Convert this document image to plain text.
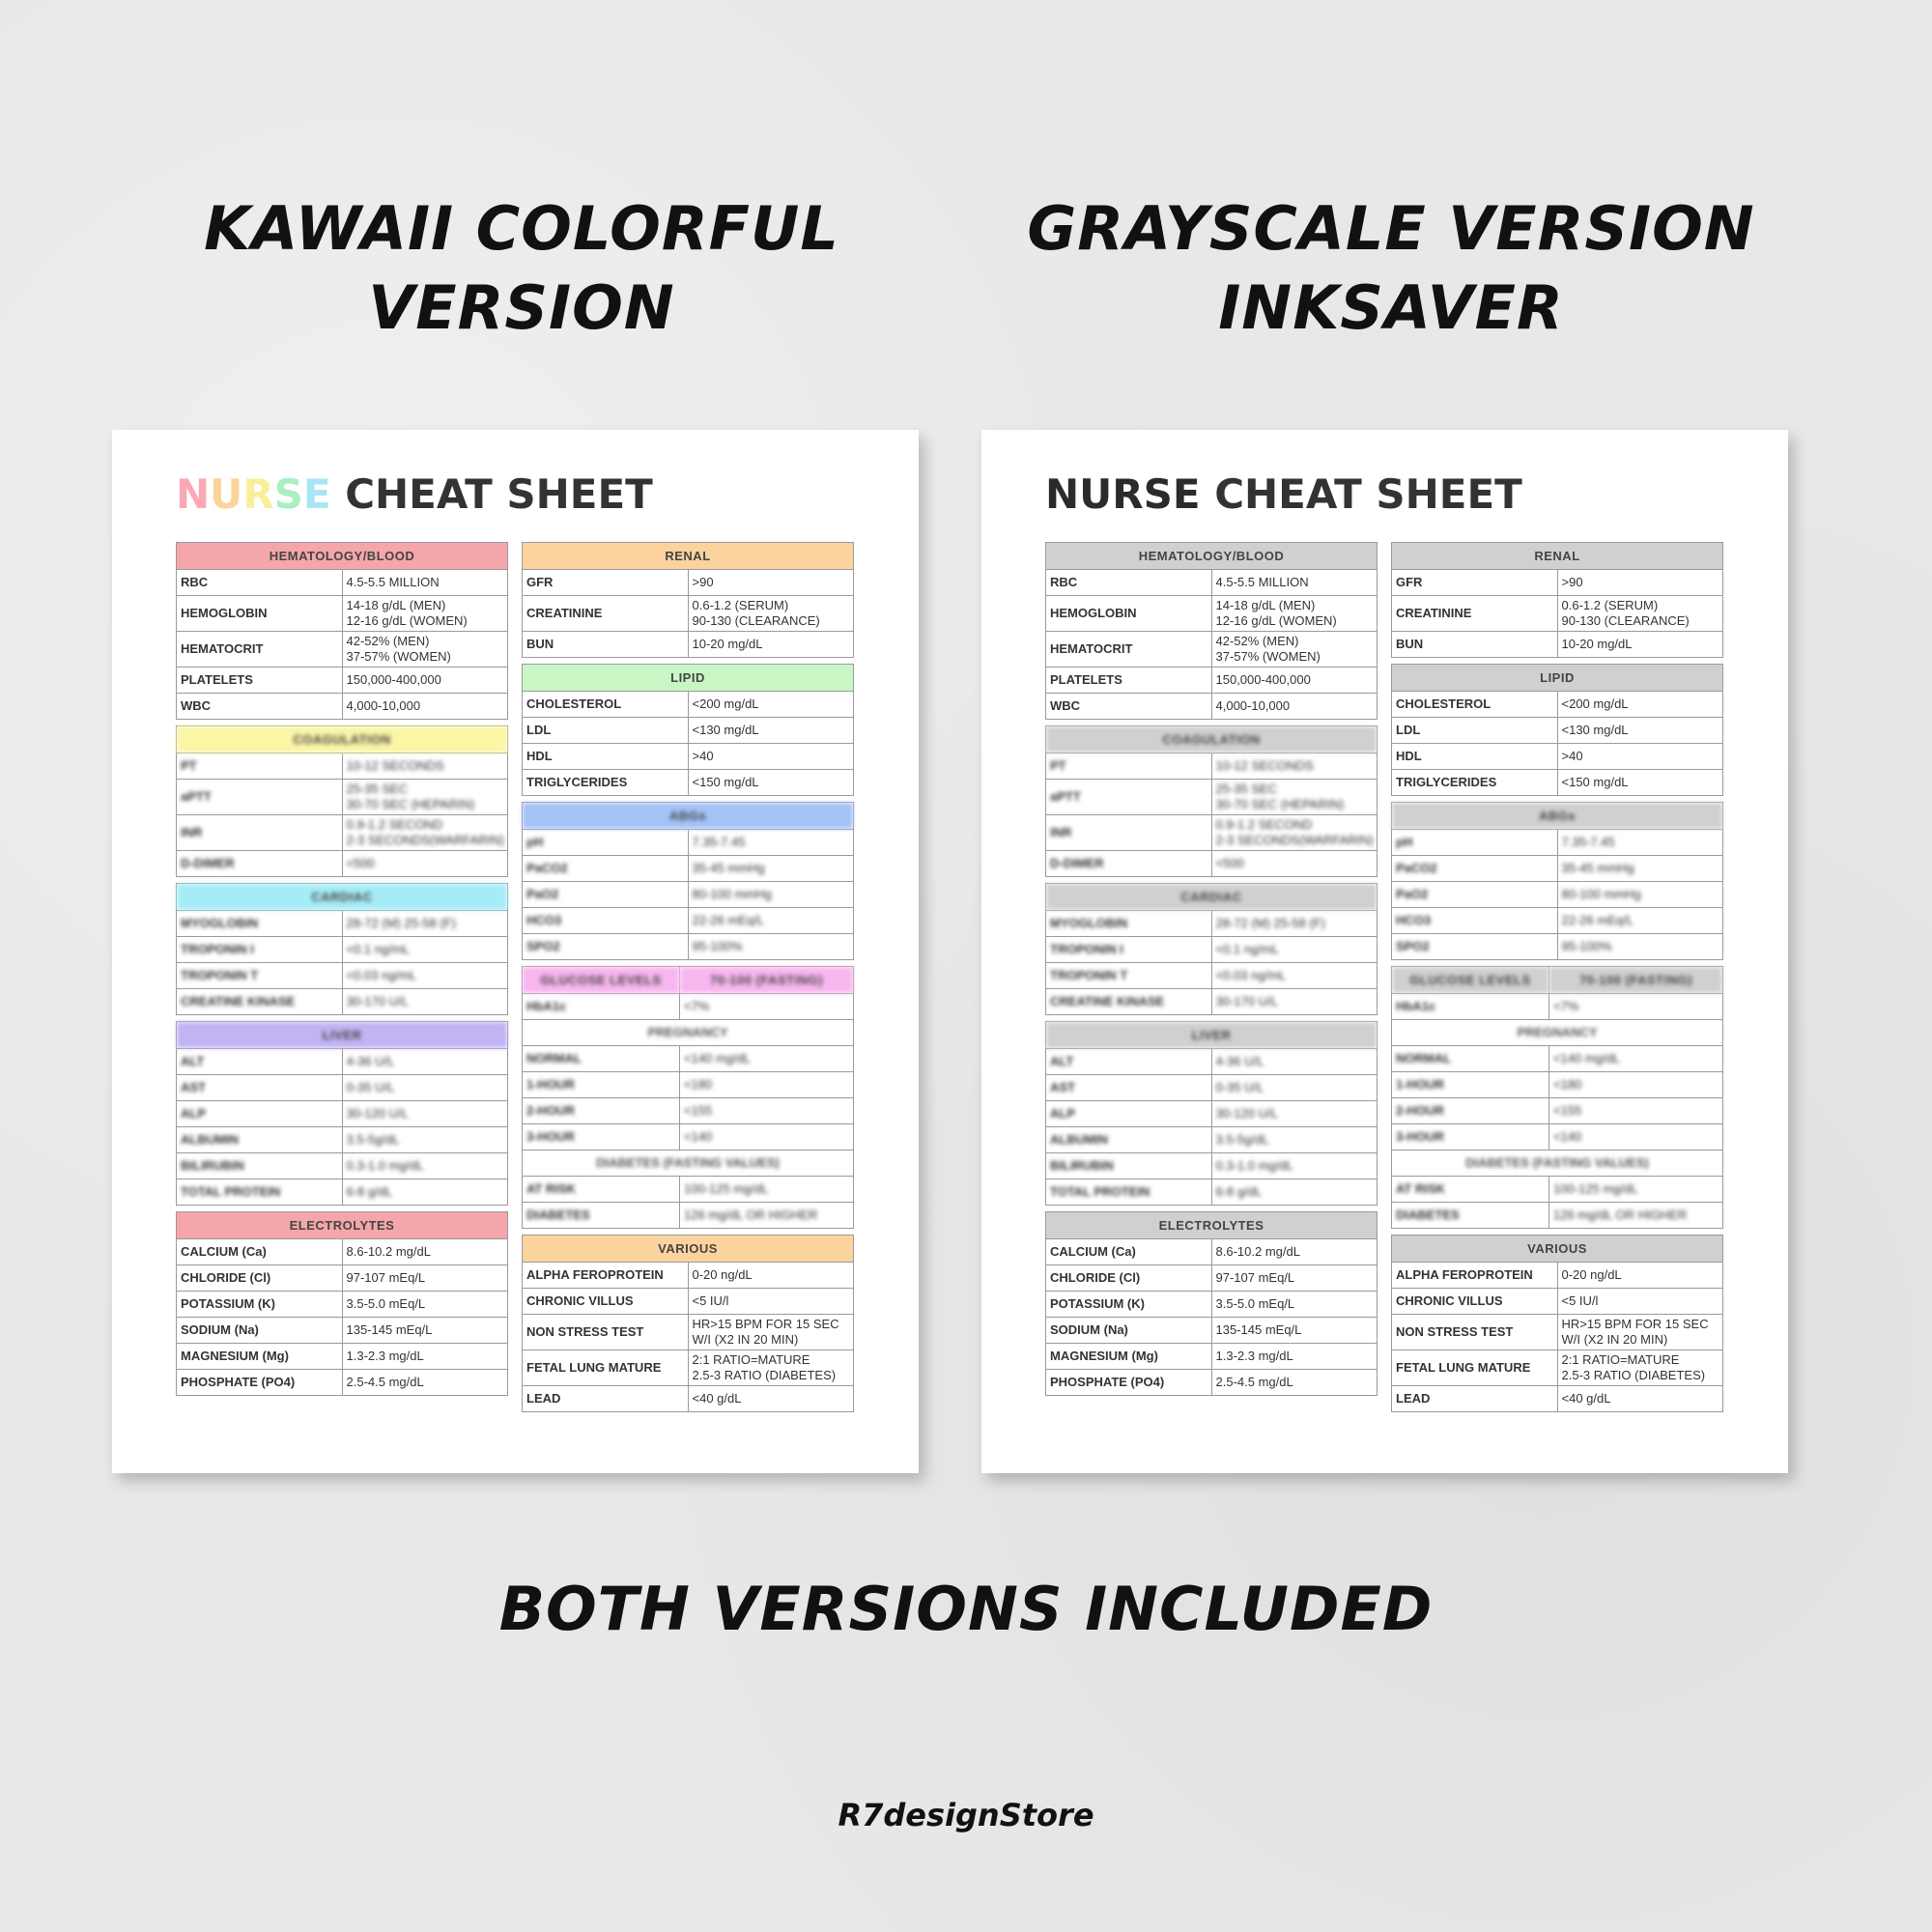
KAWAII COLORFUL
VERSION
GRAYSCALE VERSION
INKSAVER
NURSE CHEAT SHEET
HEMATOLOGY/BLOOD	
RBC	4.5-5.5 MILLION

HEMOGLOBIN	14-18 g/dL (MEN)
12-16 g/dL (WOMEN)

HEMATOCRIT	42-52% (MEN)
37-57% (WOMEN)

PLATELETS	150,000-400,000

WBC	4,000-10,000
COAGULATION	
PT	10-12 SECONDS

aPTT	25-35 SEC
30-70 SEC (HEPARIN)

INR	0.9-1.2 SECOND
2-3 SECONDS(WARFARIN)

D-DIMER	<500
CARDIAC	
MYOGLOBIN	28-72 (M) 25-58 (F)

TROPONIN I	<0.1 ng/mL

TROPONIN T	<0.03 ng/mL

CREATINE KINASE	30-170 U/L
LIVER	
ALT	4-36 U/L

AST	0-35 U/L

ALP	30-120 U/L

ALBUMIN	3.5-5g/dL

BILIRUBIN	0.3-1.0 mg/dL

TOTAL PROTEIN	6-8 g/dL
ELECTROLYTES	
CALCIUM (Ca)	8.6-10.2 mg/dL

CHLORIDE (Cl)	97-107 mEq/L

POTASSIUM (K)	3.5-5.0 mEq/L

SODIUM (Na)	135-145 mEq/L

MAGNESIUM (Mg)	1.3-2.3 mg/dL

PHOSPHATE (PO4)	2.5-4.5 mg/dL
RENAL	
GFR	>90

CREATININE	0.6-1.2 (SERUM)
90-130 (CLEARANCE)

BUN	10-20 mg/dL
LIPID	
CHOLESTEROL	<200 mg/dL

LDL	<130 mg/dL

HDL	>40

TRIGLYCERIDES	<150 mg/dL
ABGs	
pH	7.35-7.45

PaCO2	35-45 mmHg

PaO2	80-100 mmHg

HCO3	22-26 mEq/L

SPO2	95-100%
GLUCOSE LEVELS	70-100 (FASTING)
HbA1c	<7%

PREGNANCY	
NORMAL	<140 mg/dL

1-HOUR	<180

2-HOUR	<155

3-HOUR	<140

DIABETES (FASTING VALUES)	
AT RISK	100-125 mg/dL

DIABETES	126 mg/dL OR HIGHER
VARIOUS	
ALPHA FEROPROTEIN	0-20 ng/dL

CHRONIC VILLUS	<5 IU/l

NON STRESS TEST	HR>15 BPM FOR 15 SEC
W/I (X2 IN 20 MIN)

FETAL LUNG MATURE	2:1 RATIO=MATURE
2.5-3 RATIO (DIABETES)

LEAD	<40 g/dL
NURSE CHEAT SHEET
HEMATOLOGY/BLOOD	
RBC	4.5-5.5 MILLION

HEMOGLOBIN	14-18 g/dL (MEN)
12-16 g/dL (WOMEN)

HEMATOCRIT	42-52% (MEN)
37-57% (WOMEN)

PLATELETS	150,000-400,000

WBC	4,000-10,000
COAGULATION	
PT	10-12 SECONDS

aPTT	25-35 SEC
30-70 SEC (HEPARIN)

INR	0.9-1.2 SECOND
2-3 SECONDS(WARFARIN)

D-DIMER	<500
CARDIAC	
MYOGLOBIN	28-72 (M) 25-58 (F)

TROPONIN I	<0.1 ng/mL

TROPONIN T	<0.03 ng/mL

CREATINE KINASE	30-170 U/L
LIVER	
ALT	4-36 U/L

AST	0-35 U/L

ALP	30-120 U/L

ALBUMIN	3.5-5g/dL

BILIRUBIN	0.3-1.0 mg/dL

TOTAL PROTEIN	6-8 g/dL
ELECTROLYTES	
CALCIUM (Ca)	8.6-10.2 mg/dL

CHLORIDE (Cl)	97-107 mEq/L

POTASSIUM (K)	3.5-5.0 mEq/L

SODIUM (Na)	135-145 mEq/L

MAGNESIUM (Mg)	1.3-2.3 mg/dL

PHOSPHATE (PO4)	2.5-4.5 mg/dL
RENAL	
GFR	>90

CREATININE	0.6-1.2 (SERUM)
90-130 (CLEARANCE)

BUN	10-20 mg/dL
LIPID	
CHOLESTEROL	<200 mg/dL

LDL	<130 mg/dL

HDL	>40

TRIGLYCERIDES	<150 mg/dL
ABGs	
pH	7.35-7.45

PaCO2	35-45 mmHg

PaO2	80-100 mmHg

HCO3	22-26 mEq/L

SPO2	95-100%
GLUCOSE LEVELS	70-100 (FASTING)
HbA1c	<7%

PREGNANCY	
NORMAL	<140 mg/dL

1-HOUR	<180

2-HOUR	<155

3-HOUR	<140

DIABETES (FASTING VALUES)	
AT RISK	100-125 mg/dL

DIABETES	126 mg/dL OR HIGHER
VARIOUS	
ALPHA FEROPROTEIN	0-20 ng/dL

CHRONIC VILLUS	<5 IU/l

NON STRESS TEST	HR>15 BPM FOR 15 SEC
W/I (X2 IN 20 MIN)

FETAL LUNG MATURE	2:1 RATIO=MATURE
2.5-3 RATIO (DIABETES)

LEAD	<40 g/dL
BOTH VERSIONS INCLUDED
R7designStore
